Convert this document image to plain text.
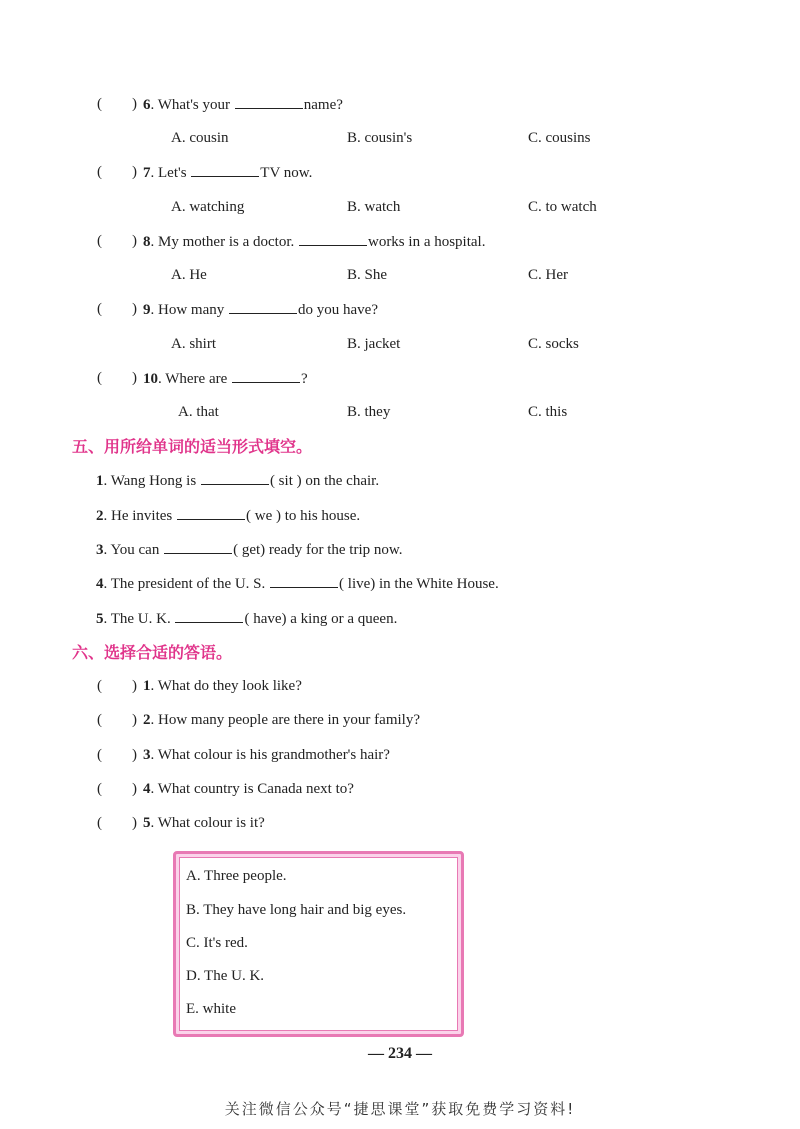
(        ) 6. What's your	name?
A. cousin	B. cousin's	C. cousins
(        ) 7. Let's	TV now.
A. watching	B. watch	C. to watch
(        ) 8. My mother is a doctor.	works in a hospital.
A. He	B. She	C. Her
(        ) 9. How many	do you have?
A. shirt	B. jacket	C. socks
(        ) 10. Where are	?
A. that	B. they	C. this
五、用所给单词的适当形式填空。
1. Wang Hong is	( sit ) on the chair.
2. He invites	( we ) to his house.
3. You can	( get) ready for the trip now.
4. The president of the U. S.	( live) in the White House.
5. The U. K.	( have) a king or a queen.
六、选择合适的答语。
(        ) 1. What do they look like?
(        ) 2. How many people are there in your family?
(        ) 3. What colour is his grandmother's hair?
(        ) 4. What country is Canada next to?
(        ) 5. What colour is it?
A. Three people.
B. They have long hair and big eyes.
C. It's red.
D. The U. K.
E. white
— 234 —
关注微信公众号“捷思课堂”获取免费学习资料!
